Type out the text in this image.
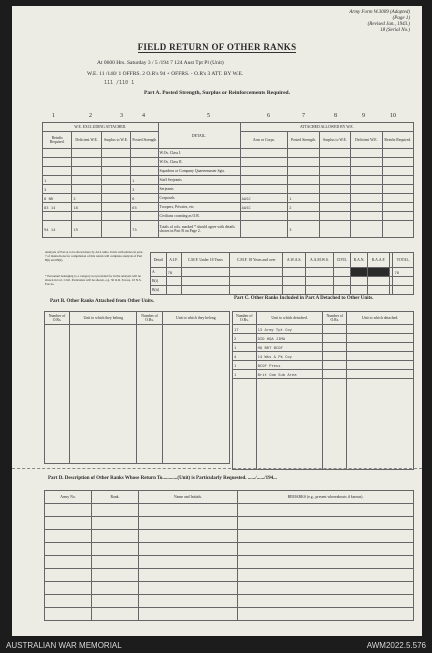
Army Form W.3009 (Adapted)
(Page 1)
(Revised Jan., 1943.)
18 (Serial No.)
FIELD RETURN OF OTHER RANKS
At 0600 Hrs. Saturday 3 / 5 /194 7 124 Aust Tpt Pl (Unit)
W.E. 11 /140/ 1 OFFRS. 2 O.R's 94 + OFFRS. - O.R's 3 ATT. BY W.E.
111 /110 1
Part A. Posted Strength, Surplus or Reinforcements Required.
1	2	3	4	5	6	7	8	9	10
W.E. EXCLUDING ATTACHED.				DETAIL.	ATTACHED ALLOWED BY W.E.				
Reinfts Required.	Deficient W.E.	Surplus to W.E.	Posted Strength		Arm or Corps.	Posted Strength.	Surplus to W.E.	Deficient W.E.	Reinfts Required.
				W.Os. Class I.					
				W.Os. Class II.					
				Squadron or Company Quartermaster Sgts.					
1			1	Staff Serjeants					
3			3	Serjeants					
8 NR	2		6	Corporals	AASC	1			
83 14	18		65	Troopers, Privates, etc.	AASC	2			
				Civilians counting as O.R.					
94 14	19		75	Totals of cols. marked * should agree with details shown in Part B on Page 2.		3			
Analysis of Part A to be shown here by ALL units. Units with entries in para. 7 of instructions for compilation of this return will complete analysis of Part B(i) and B(ii).
* Personnel belonging to a category not provided for in the analysis will be shown in Col. Civil. Particulars will be shown, e.g. 30 O.R. Forces, 10 N.S. Forces.
Detail	A.I.F.	C.M.F. Under 18 Years	C.M.F. 18 Years and over	A.W.A.S.	A.A.M.W.S.	CIVIL	R.A.N.	R.A.A.F.		TOTAL.
A	78									78
B(i)										
B(ii)										
Part B. Other Ranks Attached from Other Units.
Part C. Other Ranks Included in Part A Detached to Other Units.
Number of O.Rs.	Unit to which they belong	Number of O.Rs.	Unit to which they belong
				Number of O.Rs.	Unit to which detached.	Number of O.Rs.	Unit to which detached.
17	13 Army Tpt Coy		
2	DID HQA JIMA		
1	HQ BRT BCOF		
4	14 Wks & Pk Coy		
1	BCOF Press		
1	Brit Com Sub Area		

Part D. Description of Other Ranks Whose Return To............(Unit) is Particularly Requested. ....../....../194...
Army No.	Rank.	Name and Initials.	REMARKS (e.g., present whereabouts if known).

AUSTRALIAN WAR MEMORIAL	AWM2022.5.576
